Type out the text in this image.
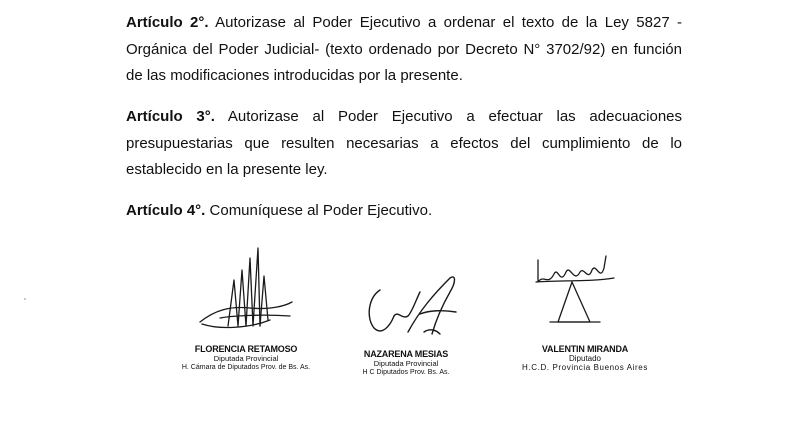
Artículo 2°. Autorizase al Poder Ejecutivo a ordenar el texto de la Ley 5827 - Orgánica del Poder Judicial- (texto ordenado por Decreto N° 3702/92) en función de las modificaciones introducidas por la presente.
Artículo 3°. Autorizase al Poder Ejecutivo a efectuar las adecuaciones presupuestarias que resulten necesarias a efectos del cumplimiento de lo establecido en la presente ley.
Artículo 4°. Comuníquese al Poder Ejecutivo.
FLORENCIA RETAMOSO
Diputada Provincial
H. Cámara de Diputados Prov. de Bs. As.
NAZARENA MESIAS
Diputada Provincial
H C Diputados Prov. Bs. As.
VALENTIN MIRANDA
Diputado
H.C.D. Provincia Buenos Aires
